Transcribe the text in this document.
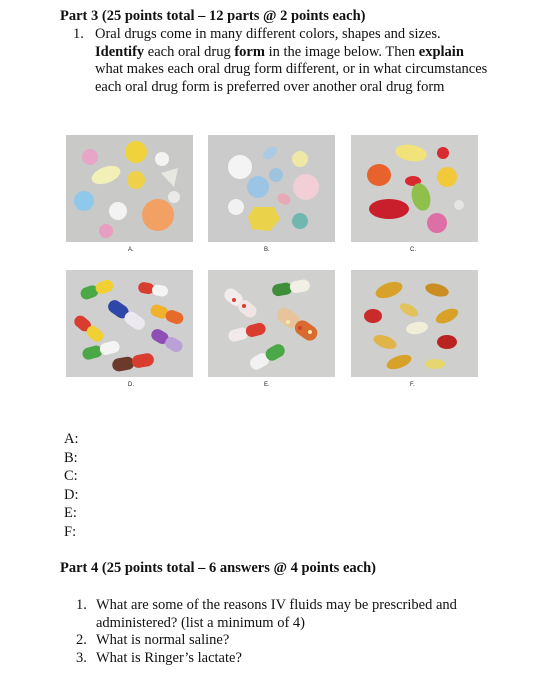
Part 3 (25 points total – 12 parts @ 2 points each)
1. Oral drugs come in many different colors, shapes and sizes. Identify each oral drug form in the image below. Then explain what makes each oral drug form different, or in what circumstances each oral drug form is preferred over another oral drug form
A.	B.	C.
D.	E.	F.
A:
B:
C:
D:
E:
F:
Part 4 (25 points total – 6 answers @ 4 points each)
1. What are some of the reasons IV fluids may be prescribed and administered? (list a minimum of 4)
2. What is normal saline?
3. What is Ringer’s lactate?
